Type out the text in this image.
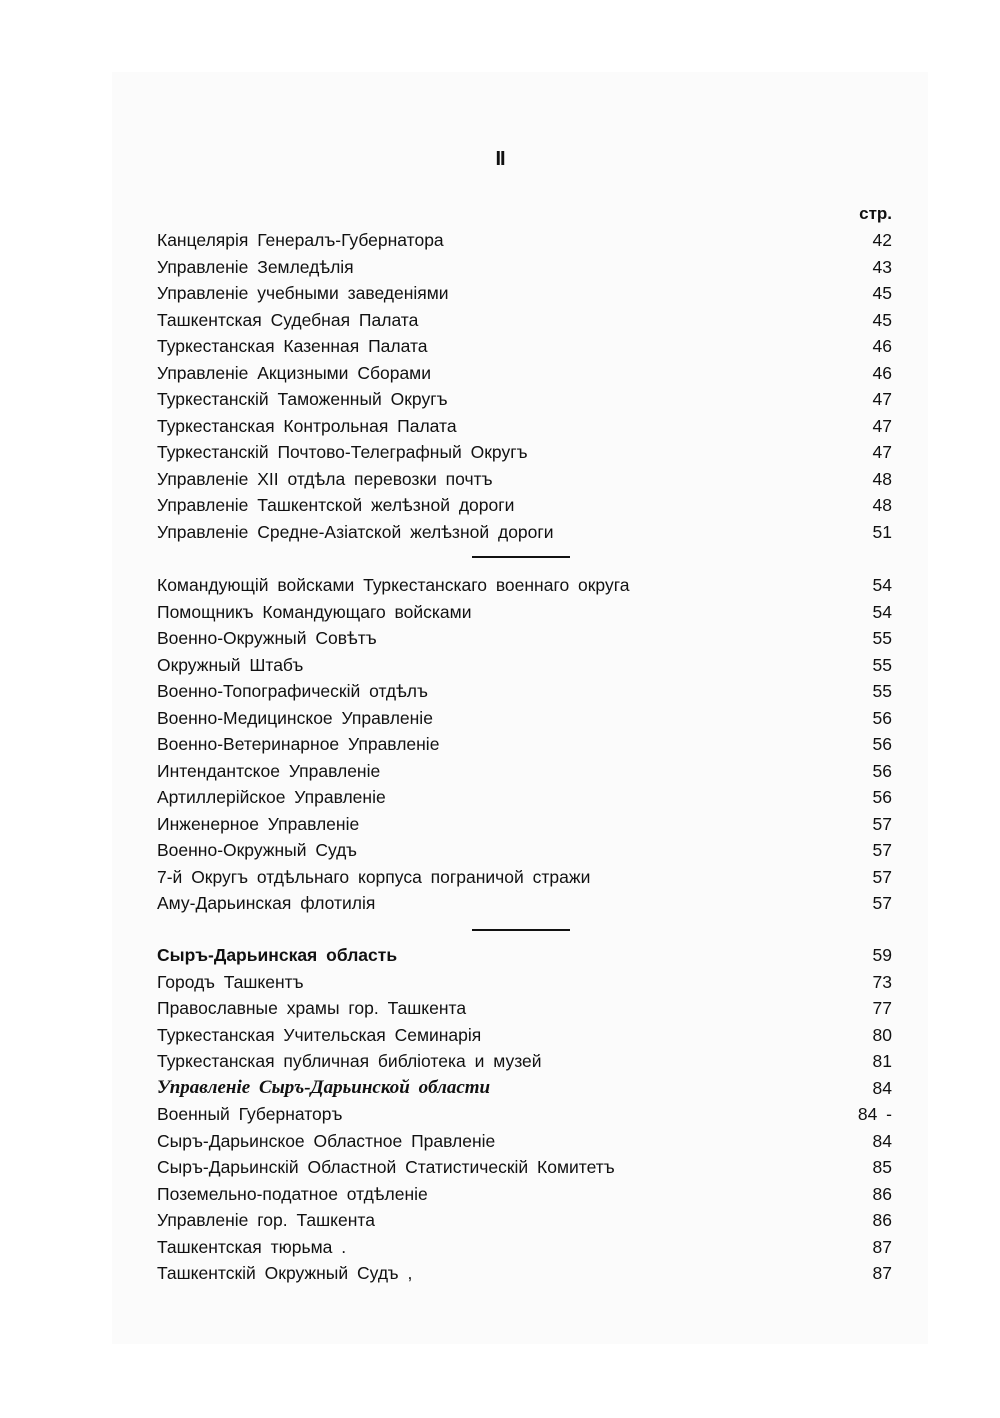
II
стр.
Канцелярія Генералъ-Губернатора	42
Управленіе Земледѣлія	43
Управленіе учебными заведеніями	45
Ташкентская Судебная Палата	45
Туркестанская Казенная Палата	46
Управленіе Акцизными Сборами	46
Туркестанскій Таможенный Округъ	47
Туркестанская Контрольная Палата	47
Туркестанскій Почтово-Телеграфный Округъ	47
Управленіе XII отдѣла перевозки почтъ	48
Управленіе Ташкентской желѣзной дороги	48
Управленіе Средне-Азіатской желѣзной дороги	51
Командующій войсками Туркестанскаго военнаго округа	54
Помощникъ Командующаго войсками	54
Военно-Окружный Совѣтъ	55
Окружный Штабъ	55
Военно-Топографическій отдѣлъ	55
Военно-Медицинское Управленіе	56
Военно-Ветеринарное Управленіе	56
Интендантское Управленіе	56
Артиллерійское Управленіе	56
Инженерное Управленіе	57
Военно-Окружный Судъ	57
7-й Округъ отдѣльнаго корпуса пограничой стражи	57
Аму-Дарьинская флотилія	57
Сыръ-Дарьинская область	59
Городъ Ташкентъ	73
Православные храмы гор. Ташкента	77
Туркестанская Учительская Семинарія	80
Туркестанская публичная библіотека и музей	81
Управленіе Сыръ-Дарьинской области	84
Военный Губернаторъ	84 -
Сыръ-Дарьинское Областное Правленіе	84
Сыръ-Дарьинскій Областной Статистическій Комитетъ	85
Поземельно-податное отдѣленіе	86
Управленіе гор. Ташкента	86
Ташкентская тюрьма .	87
Ташкентскій Окружный Судъ ,	87
